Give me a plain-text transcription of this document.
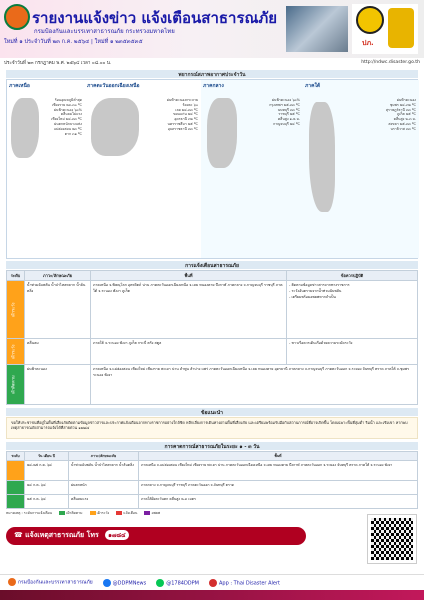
รายงานแจ้งข่าว แจ้งเตือนสาธารณภัย
กรมป้องกันและบรรเทาสาธารณภัย กระทรวงมหาดไทย
ใหม่ที่ ๑ ประจำวันที่ ๒๓ ก.ค. ๒๕๖๔ | ใหม่ที่ ๑ ๒๓๕๓๕๓๕	ปภ.
ประจำวันที่ ๒๓ กรกฎาคม พ.ศ. ๒๕๖๔ เวลา ๐๘.๐๐ น.	http://ndwc.disaster.go.th
พยากรณ์สภาพอากาศประจำวัน
ภาคเหนือ
ร้อนอุณหภูมิต่ำสุด
เชียงราย ๒๓-๓๐ ºC
ฝนฟ้าคะนอง ๖๐%
คลื่นลมไม่แรง
เชียงใหม่ ๒๔-๓๓ ºC
ฝนตกหนักบางแห่ง
แม่ฮ่องสอน ๒๓ ºC
ตาก ๓๑ ºC
ภาคตะวันออกเฉียงเหนือ
ฝนฟ้าคะนองกระจาย
ร้อยละ ๖๐
เลย ๒๔-๓๓ ºC
ขอนแก่น ๒๔ ºC
อุดรธานี ๓๒ ºC
นครราชสีมา ๒๕ ºC
อุบลราชธานี ๓๓ ºC
ภาคกลาง
ฝนฟ้าคะนอง ๖๐%
กรุงเทพฯ ๒๕-๓๓ ºC
นนทบุรี ๓๓ ºC
ราชบุรี ๒๕ ºC
คลื่นสูง ๑-๒ ม.
กาญจนบุรี ๒๔ ºC
ภาคใต้
ฝนฟ้าคะนอง
ชุมพร ๒๔-๓๒ ºC
สุราษฎร์ธานี ๓๓ ºC
ภูเก็ต ๒๕ ºC
คลื่นสูง ๒-๓ ม.
สงขลา ๒๕-๓๓ ºC
นราธิวาส ๓๓ ºC
การแจ้งเตือนสาธารณภัย
ระดับ	ภาวะ/ลักษณะภัย	พื้นที่	ข้อควรปฏิบัติ
เฝ้าระวัง	น้ำท่วมฉับพลัน น้ำป่าไหลหลาก น้ำล้นตลิ่ง	ภาคเหนือ จ.พิษณุโลก อุตรดิตถ์ น่าน ภาคตะวันออกเฉียงเหนือ จ.เลย หนองคาย บึงกาฬ ภาคกลาง จ.กาญจนบุรี ราชบุรี ภาคใต้ จ.ระนอง พังงา ภูเก็ต	- ติดตามข้อมูลข่าวสารจากทางราชการ
- ระวังอันตรายจากน้ำท่วมฉับพลัน
- เตรียมพร้อมอพยพหากจำเป็น
เฝ้าระวัง	คลื่นลม	ภาคใต้ จ.ระนอง พังงา ภูเก็ต กระบี่ ตรัง สตูล	- ชาวเรือควรเดินเรือด้วยความระมัดระวัง
เฝ้าติดตาม	ฝนฟ้าคะนอง	ภาคเหนือ จ.แม่ฮ่องสอน เชียงใหม่ เชียงราย พะเยา น่าน ลำพูน ลำปาง แพร่ ภาคตะวันออกเฉียงเหนือ จ.เลย หนองคาย อุดรธานี ภาคกลาง จ.กาญจนบุรี ภาคตะวันออก จ.ระยอง จันทบุรี ตราด ภาคใต้ จ.ชุมพร ระนอง พังงา	
ข้อแนะนำ
ขอให้ประชาชนที่อยู่ในพื้นที่เสี่ยงภัยติดตามข้อมูลข่าวสารและประกาศแจ้งเตือนจากทางราชการอย่างใกล้ชิด หลีกเลี่ยงการเดินทางผ่านพื้นที่เสี่ยงภัย และเตรียมพร้อมรับมือกับสถานการณ์ที่อาจเกิดขึ้น โดยเฉพาะพื้นที่ลุ่มต่ำ ริมน้ำ และเชิงเขา หากพบเหตุสาธารณภัยสามารถแจ้งได้ที่สายด่วน ๑๗๘๔
การคาดการณ์สาธารณภัยในระยะ ๑ - ๓ วัน
ระดับ	วัน เดือน ปี	ภาวะ/ลักษณะภัย	พื้นที่
	๒๔-๒๕ ก.ค. ๖๔	น้ำท่วมฉับพลัน น้ำป่าไหลหลาก น้ำล้นตลิ่ง	ภาคเหนือ จ.แม่ฮ่องสอน เชียงใหม่ เชียงราย พะเยา น่าน ภาคตะวันออกเฉียงเหนือ จ.เลย หนองคาย บึงกาฬ ภาคตะวันออก จ.ระยอง จันทบุรี ตราด ภาคใต้ จ.ระนอง พังงา
	๒๔ ก.ค. ๖๔	ฝนตกหนัก	ภาคกลาง จ.กาญจนบุรี ราชบุรี ภาคตะวันออก จ.จันทบุรี ตราด
	๒๕ ก.ค. ๖๔	คลื่นลมแรง	ภาคใต้ฝั่งตะวันตก คลื่นสูง ๒-๓ เมตร
หมายเหตุ : ระดับการแจ้งเตือน	เฝ้าติดตาม	เฝ้าระวัง	แจ้งเตือน	อพยพ
☎ แจ้งเหตุสาธารณภัย โทร ๑๗๘๔
กรมป้องกันและบรรเทาสาธารณภัย	@DDPMNews	@1784DDPM	App : Thai Disaster Alert
